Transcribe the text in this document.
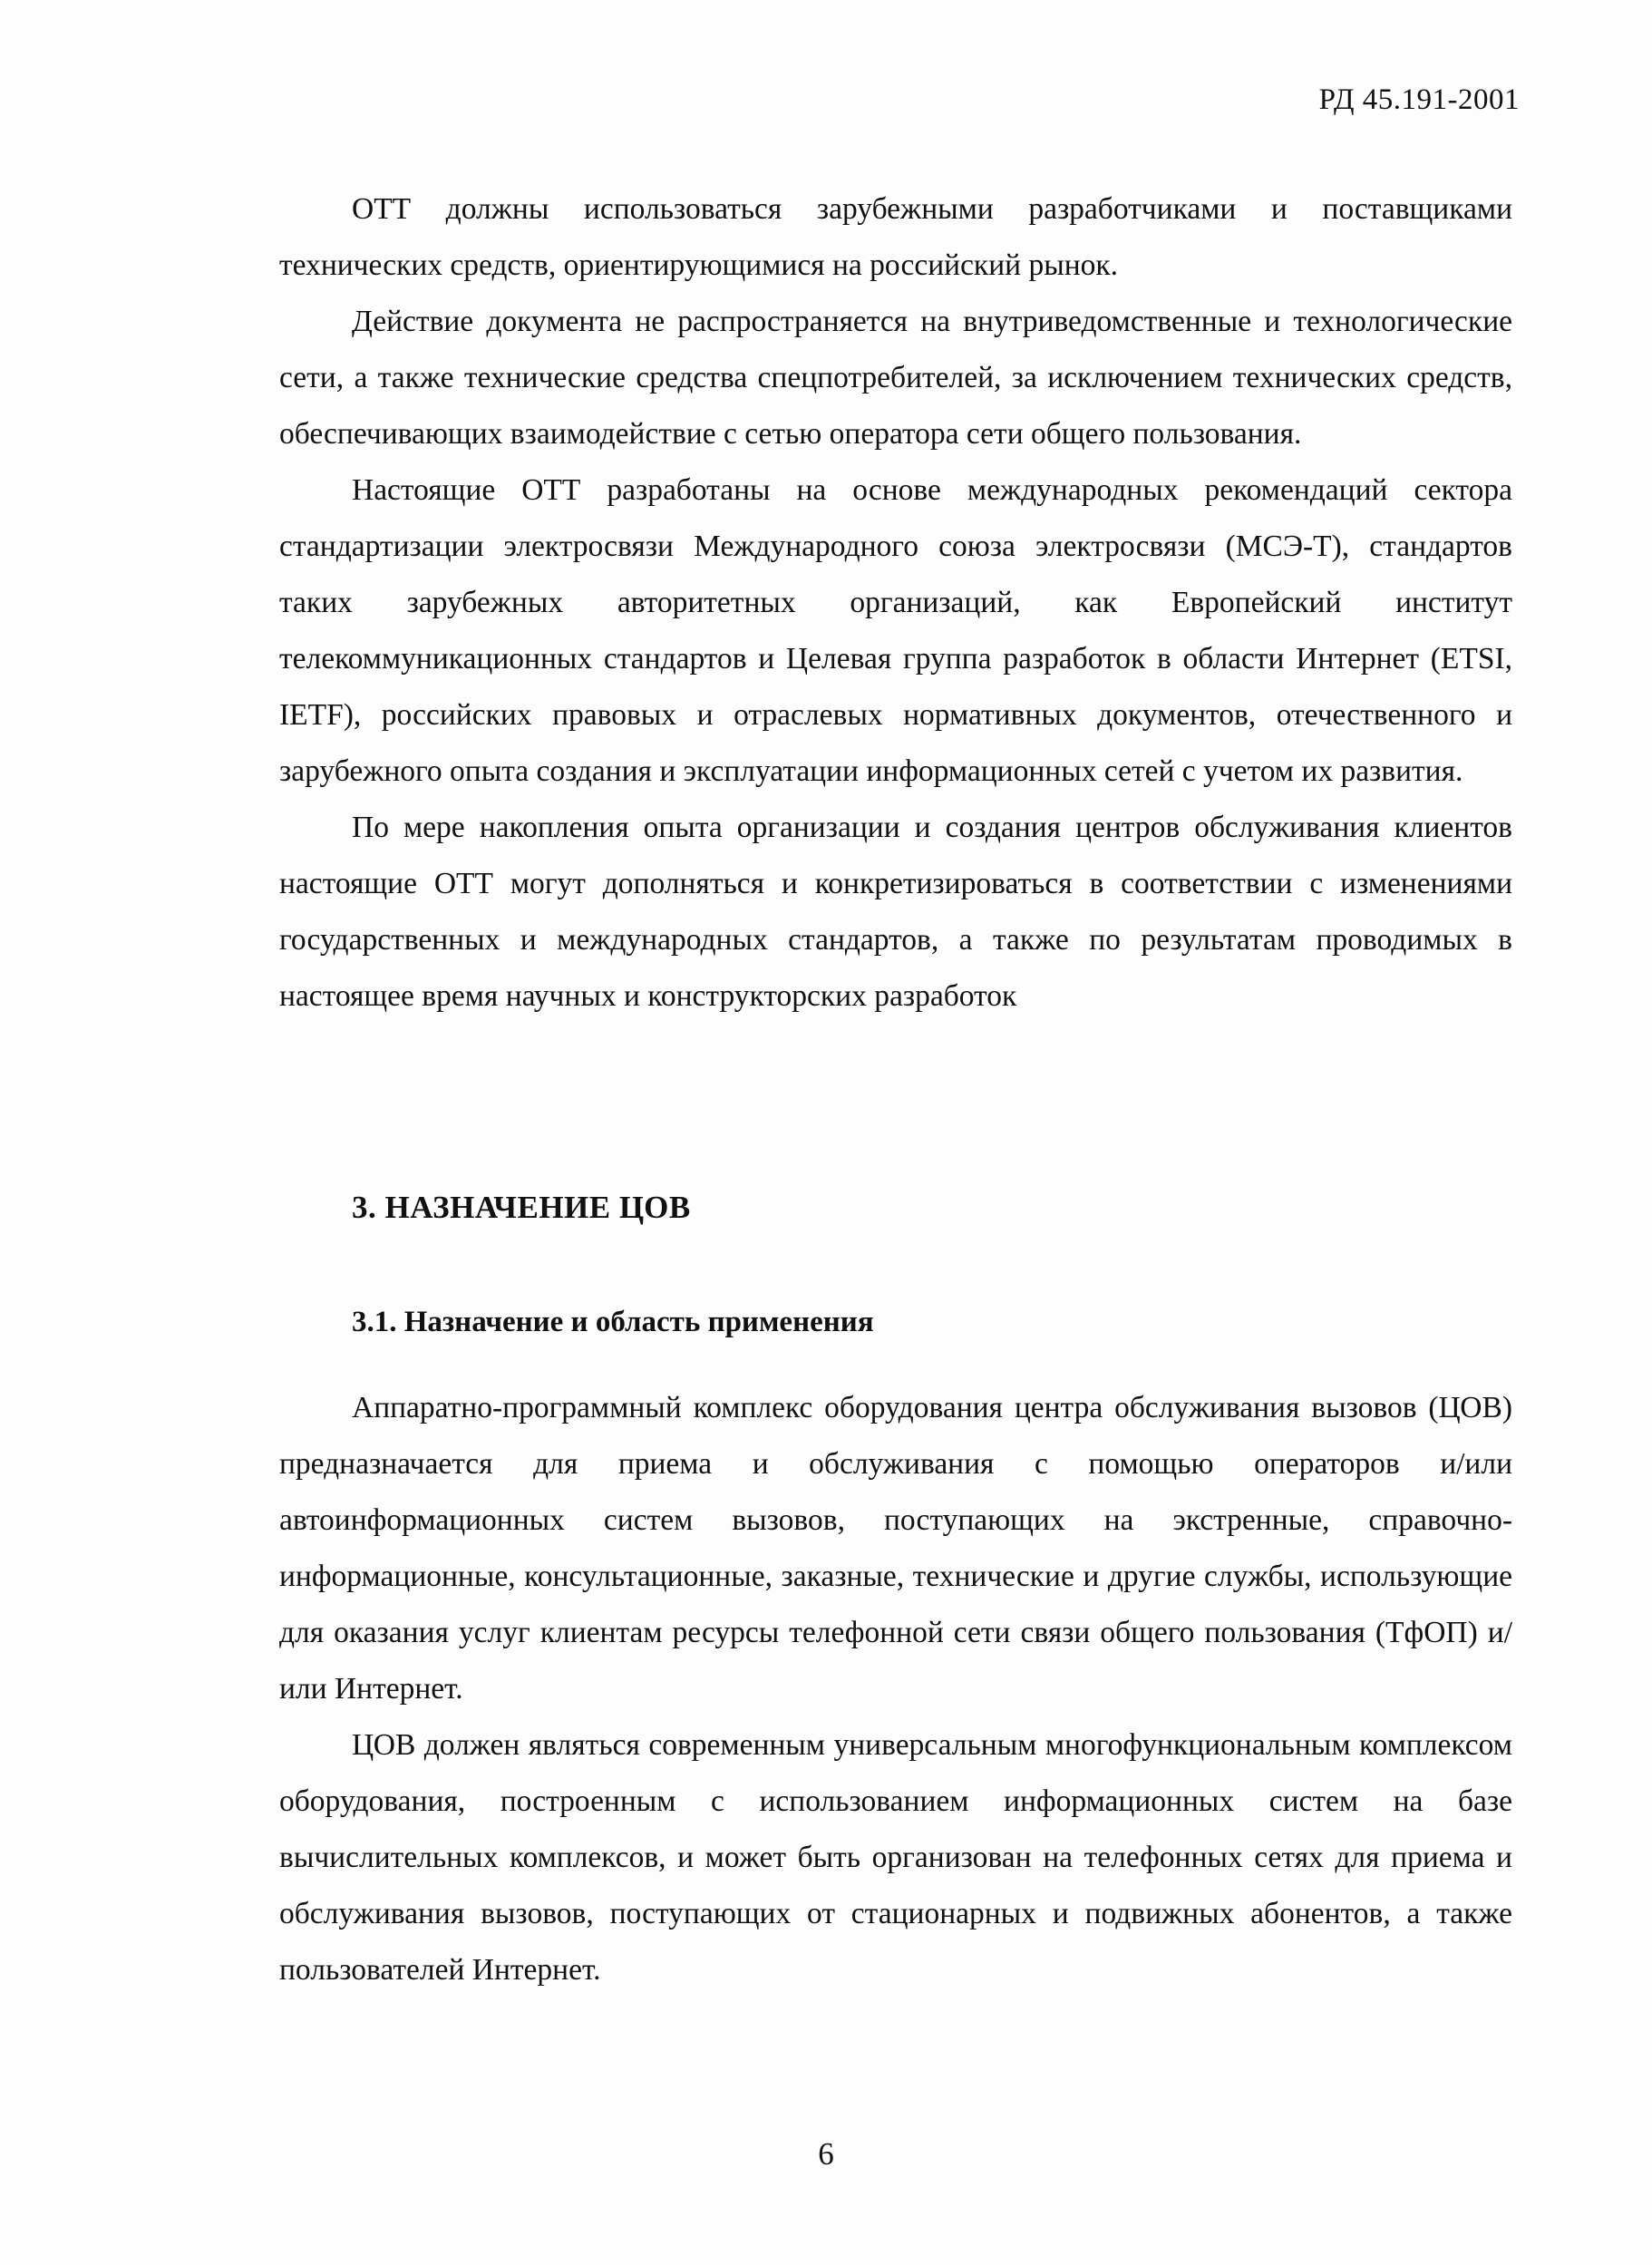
РД 45.191-2001

ОТТ должны использоваться зарубежными разработчиками и поставщиками технических средств, ориентирующимися на российский рынок.

Действие документа не распространяется на внутриведомственные и технологические сети, а также технические средства спецпотребителей, за исключением технических средств, обеспечивающих взаимодействие с сетью оператора сети общего пользования.

Настоящие ОТТ разработаны на основе международных рекомендаций сектора стандартизации электросвязи Международного союза электросвязи (МСЭ-Т), стандартов таких зарубежных авторитетных организаций, как Европейский институт телекоммуникационных стандартов и Целевая группа разработок в области Интернет (ETSI, IETF), российских правовых и отраслевых нормативных документов, отечественного и зарубежного опыта создания и эксплуатации информационных сетей с учетом их развития.

По мере накопления опыта организации и создания центров обслуживания клиентов настоящие ОТТ могут дополняться и конкретизироваться в соответствии с изменениями государственных и международных стандартов, а также по результатам проводимых в настоящее время научных и конструкторских разработок

3. НАЗНАЧЕНИЕ ЦОВ
3.1. Назначение и область применения

Аппаратно-программный комплекс оборудования центра обслуживания вызовов (ЦОВ) предназначается для приема и обслуживания с помощью операторов и/или автоинформационных систем вызовов, поступающих на экстренные, справочно-информационные, консультационные, заказные, технические и другие службы, использующие для оказания услуг клиентам ресурсы телефонной сети связи общего пользования (ТфОП) и/или Интернет.

ЦОВ должен являться современным универсальным многофункциональным комплексом оборудования, построенным с использованием информационных систем на базе вычислительных комплексов, и может быть организован на телефонных сетях для приема и обслуживания вызовов, поступающих от стационарных и подвижных абонентов, а также пользователей Интернет.

6
